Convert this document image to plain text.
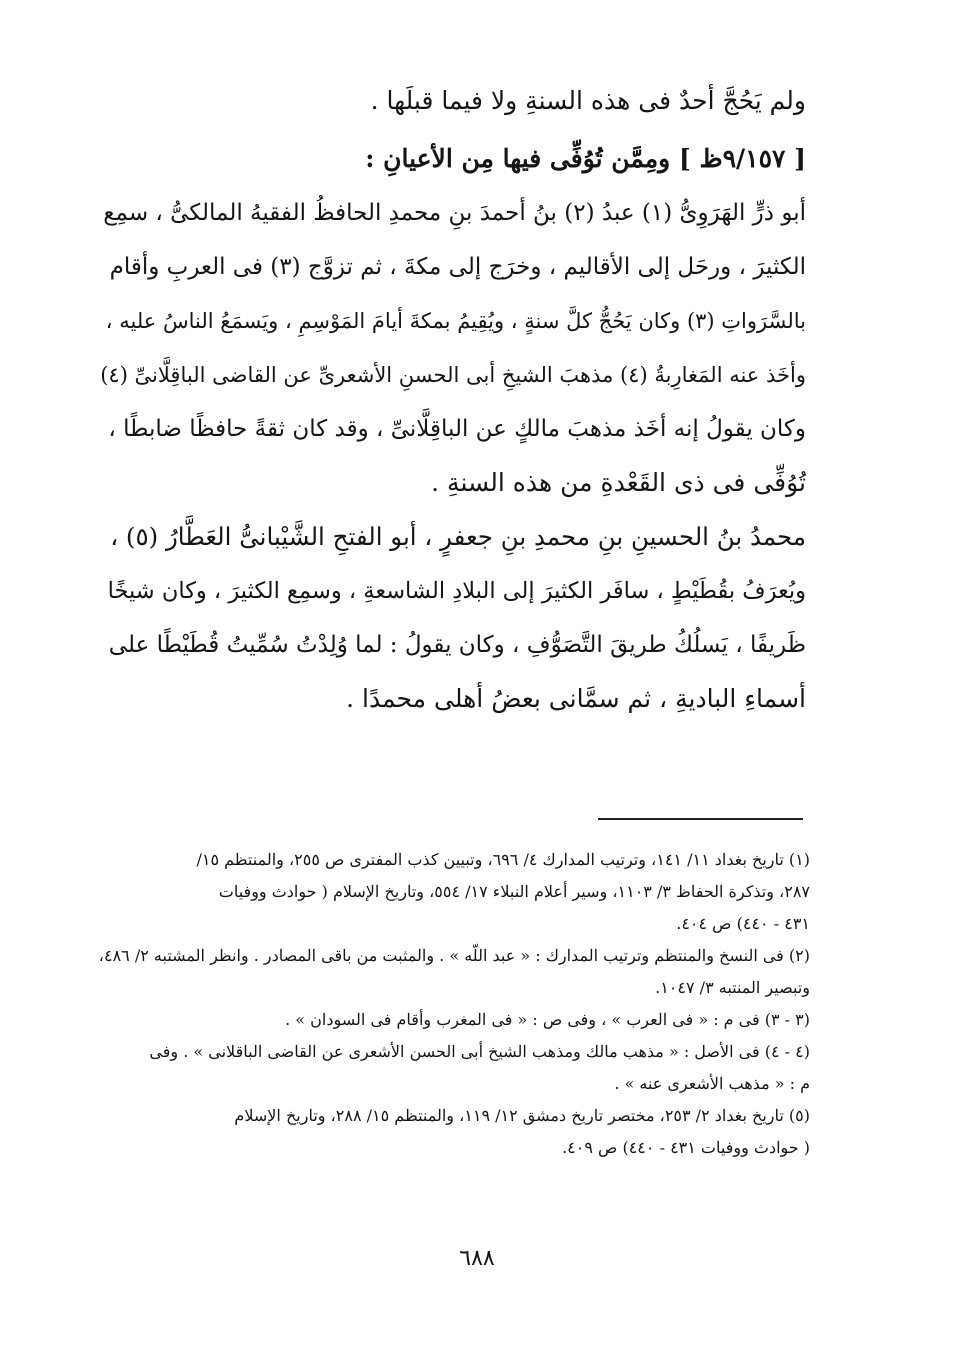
ولم يَحُجَّ أحدٌ فى هذه السنةِ ولا فيما قبلَها .
[ ٩/١٥٧ظ ] ومِمَّن تُوُفِّى فيها مِن الأعيانِ :
أبو ذرٍّ الهَرَوِىُّ (١) عبدُ (٢) بنُ أحمدَ بنِ محمدِ الحافظُ الفقيهُ المالكىُّ ، سمِع
الكثيرَ ، ورحَل إلى الأقاليم ، وخرَج إلى مكةَ ، ثم تزوَّج (٣) فى العربِ وأقام
بالسَّرَواتِ (٣) وكان يَحُجُّ كلَّ سنةٍ ، ويُقِيمُ بمكةَ أيامَ المَوْسِمِ ، ويَسمَعُ الناسُ عليه ،
وأخَذ عنه المَغارِبةُ (٤) مذهبَ الشيخِ أبى الحسنِ الأشعرىِّ عن القاضى الباقِلَّانىِّ (٤)
وكان يقولُ إنه أخَذ مذهبَ مالكٍ عن الباقِلَّانىِّ ، وقد كان ثقةً حافظًا ضابطًا ،
تُوُفِّى فى ذى القَعْدةِ من هذه السنةِ .
محمدُ بنُ الحسينِ بنِ محمدِ بنِ جعفرٍ ، أبو الفتحِ الشَّيْبانىُّ العَطَّارُ (٥) ،
ويُعرَفُ بقُطَيْطٍ ، سافَر الكثيرَ إلى البلادِ الشاسعةِ ، وسمِع الكثيرَ ، وكان شيخًا
ظَريفًا ، يَسلُكُ طريقَ التَّصَوُّفِ ، وكان يقولُ : لما وُلِدْتُ سُمِّيتُ قُطَيْطًا على
أسماءِ الباديةِ ، ثم سمَّانى بعضُ أهلى محمدًا .
(١) تاريخ بغداد ١١/ ١٤١، وترتيب المدارك ٤/ ٦٩٦، وتبيين كذب المفترى ص ٢٥٥، والمنتظم ١٥/
٢٨٧، وتذكرة الحفاظ ٣/ ١١٠٣، وسير أعلام النبلاء ١٧/ ٥٥٤، وتاريخ الإسلام ( حوادث ووفيات
٤٣١ - ٤٤٠) ص ٤٠٤.
(٢) فى النسخ والمنتظم وترتيب المدارك : « عبد اللّه » . والمثبت من باقى المصادر . وانظر المشتبه ٢/ ٤٨٦،
وتبصير المنتبه ٣/ ١٠٤٧.
(٣ - ٣) فى م : « فى العرب » ، وفى ص : « فى المغرب وأقام فى السودان » .
(٤ - ٤) فى الأصل : « مذهب مالك ومذهب الشيخ أبى الحسن الأشعرى عن القاضى الباقلانى » . وفى
م : « مذهب الأشعرى عنه » .
(٥) تاريخ بغداد ٢/ ٢٥٣، مختصر تاريخ دمشق ١٢/ ١١٩، والمنتظم ١٥/ ٢٨٨، وتاريخ الإسلام
( حوادث ووفيات ٤٣١ - ٤٤٠) ص ٤٠٩.
٦٨٨
